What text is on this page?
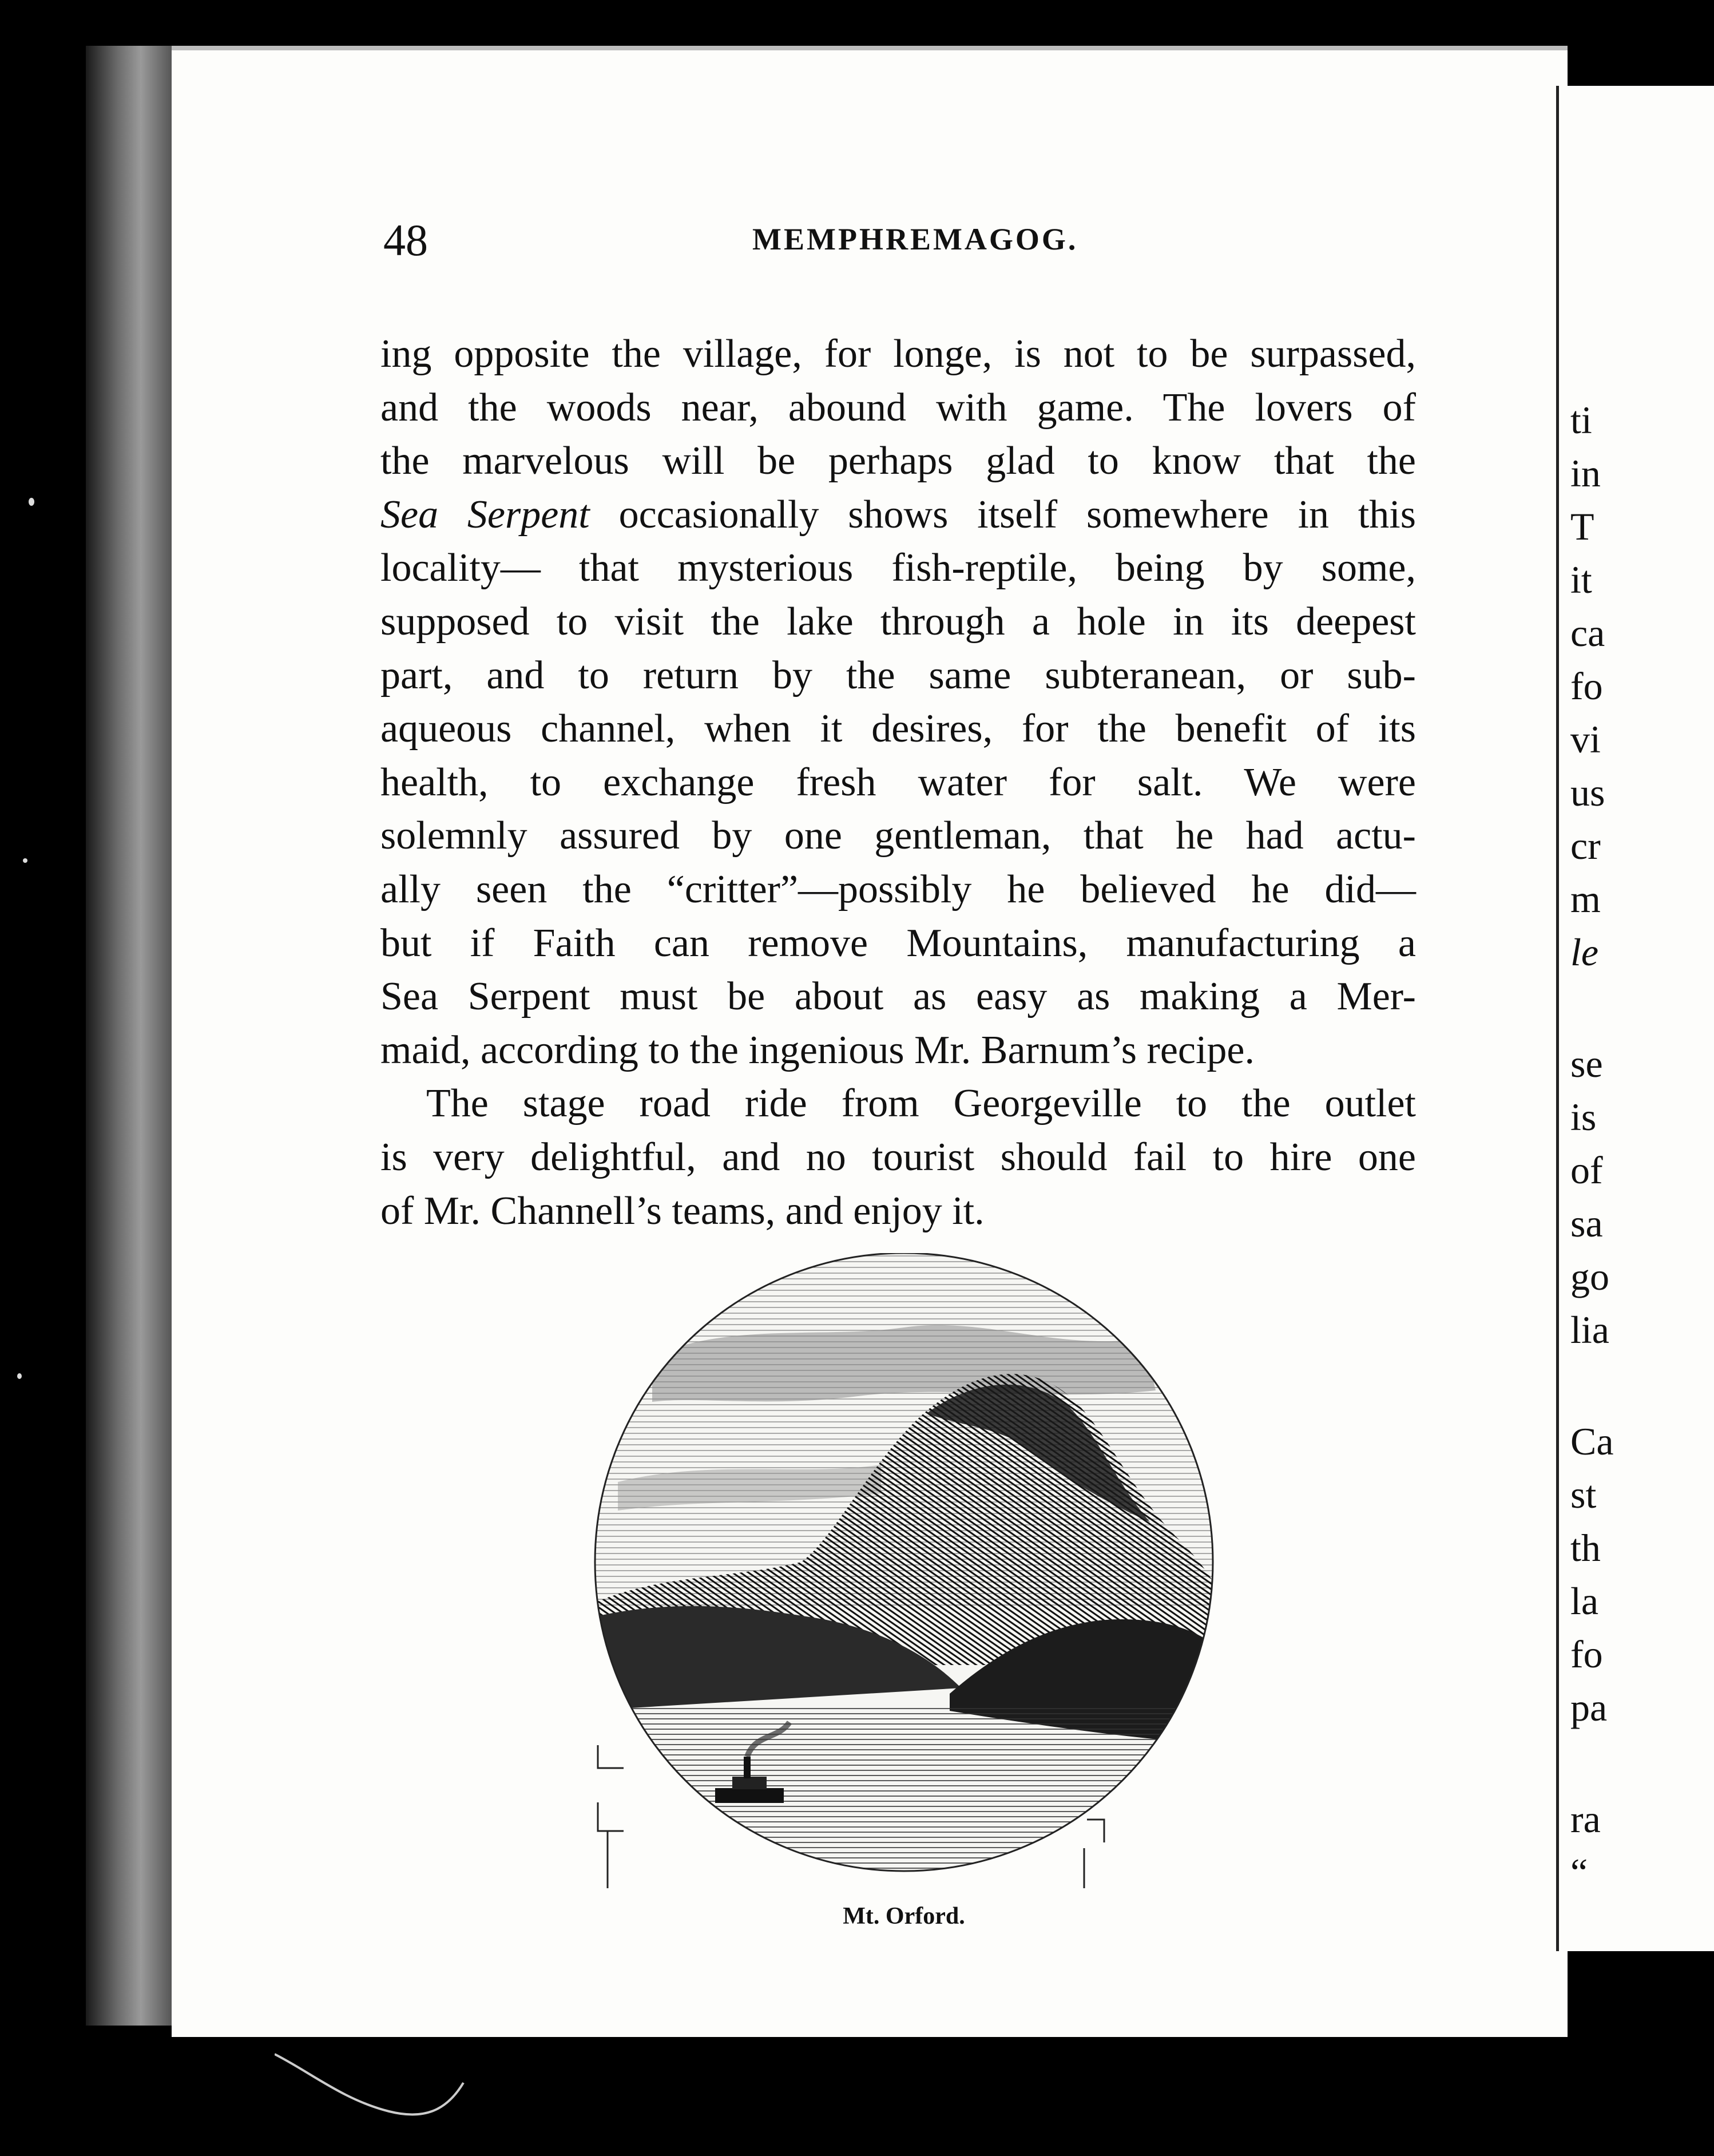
48	MEMPHREMAGOG.
ing opposite the village, for longe, is not to be surpassed,
and the woods near, abound with game. The lovers of
the marvelous will be perhaps glad to know that the
Sea Serpent occasionally shows itself somewhere in this
locality— that mysterious fish-reptile, being by some,
supposed to visit the lake through a hole in its deepest
part, and to return by the same subteranean, or sub-
aqueous channel, when it desires, for the benefit of its
health, to exchange fresh water for salt. We were
solemnly assured by one gentleman, that he had actu-
ally seen the “critter”—possibly he believed he did—
but if Faith can remove Mountains, manufacturing a
Sea Serpent must be about as easy as making a Mer-
maid, according to the ingenious Mr. Barnum’s recipe.
The stage road ride from Georgeville to the outlet
is very delightful, and no tourist should fail to hire one
of Mr. Channell’s teams, and enjoy it.
Mt. Orford.
ti
in
T
it
ca
fo
vi
us
cr
m
le
se
is
of
sa
go
lia
Ca
st
th
la
fo
pa
ra
“
